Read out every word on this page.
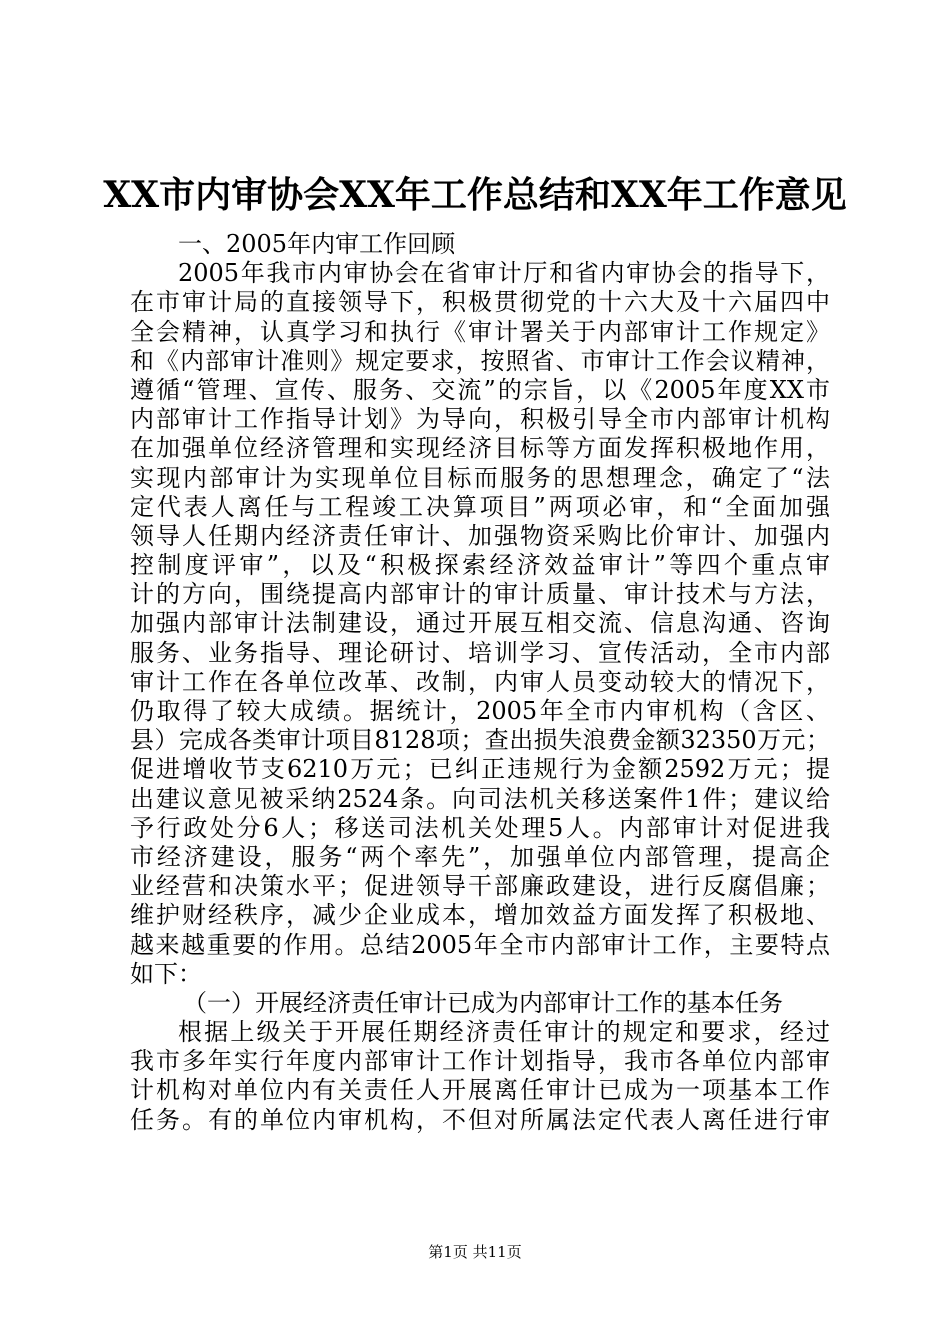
XX市内审协会XX年工作总结和XX年工作意见
一、2005年内审工作回顾
2005年我市内审协会在省审计厅和省内审协会的指导下，
在市审计局的直接领导下，积极贯彻党的十六大及十六届四中
全会精神，认真学习和执行《审计署关于内部审计工作规定》
和《内部审计准则》规定要求，按照省、市审计工作会议精神，
遵循“管理、宣传、服务、交流”的宗旨，以《2005年度XX市
内部审计工作指导计划》为导向，积极引导全市内部审计机构
在加强单位经济管理和实现经济目标等方面发挥积极地作用，
实现内部审计为实现单位目标而服务的思想理念，确定了“法
定代表人离任与工程竣工决算项目”两项必审，和“全面加强
领导人任期内经济责任审计、加强物资采购比价审计、加强内
控制度评审”，以及“积极探索经济效益审计”等四个重点审
计的方向，围绕提高内部审计的审计质量、审计技术与方法，
加强内部审计法制建设，通过开展互相交流、信息沟通、咨询
服务、业务指导、理论研讨、培训学习、宣传活动，全市内部
审计工作在各单位改革、改制，内审人员变动较大的情况下，
仍取得了较大成绩。据统计，2005年全市内审机构（含区、
县）完成各类审计项目8128项；查出损失浪费金额32350万元；
促进增收节支6210万元；已纠正违规行为金额2592万元；提
出建议意见被采纳2524条。向司法机关移送案件1件；建议给
予行政处分6人；移送司法机关处理5人。内部审计对促进我
市经济建设，服务“两个率先”，加强单位内部管理，提高企
业经营和决策水平；促进领导干部廉政建设，进行反腐倡廉；
维护财经秩序，减少企业成本，增加效益方面发挥了积极地、
越来越重要的作用。总结2005年全市内部审计工作，主要特点
如下：
（一）开展经济责任审计已成为内部审计工作的基本任务
根据上级关于开展任期经济责任审计的规定和要求，经过
我市多年实行年度内部审计工作计划指导，我市各单位内部审
计机构对单位内有关责任人开展离任审计已成为一项基本工作
任务。有的单位内审机构，不但对所属法定代表人离任进行审
第1页 共11页
